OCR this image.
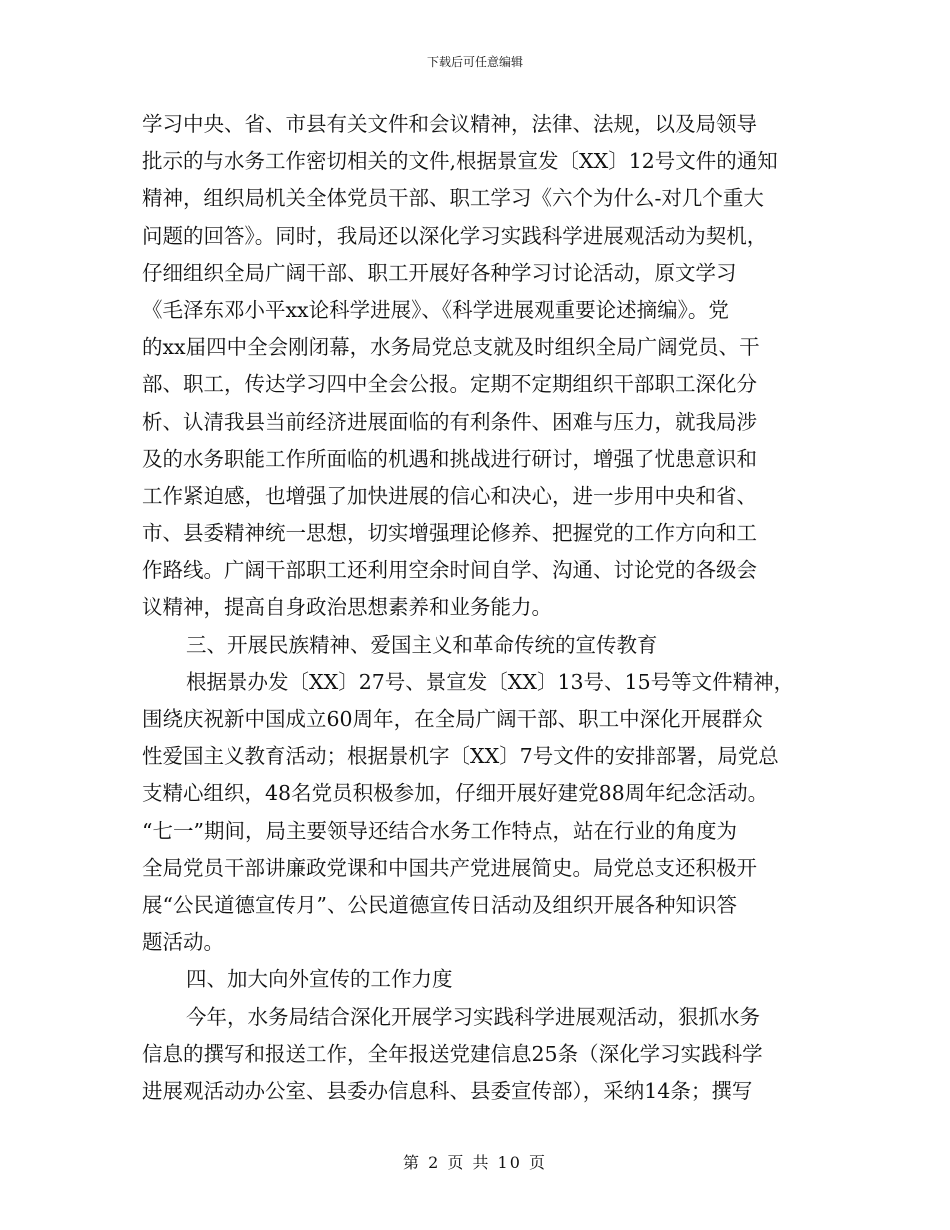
下载后可任意编辑
学习中央、省、市县有关文件和会议精神，法律、法规，以及局领导
批示的与水务工作密切相关的文件,根据景宣发〔XX〕12号文件的通知
精神，组织局机关全体党员干部、职工学习《六个为什么-对几个重大
问题的回答》。同时，我局还以深化学习实践科学进展观活动为契机，
仔细组织全局广阔干部、职工开展好各种学习讨论活动，原文学习
《毛泽东邓小平xx论科学进展》、《科学进展观重要论述摘编》。党
的xx届四中全会刚闭幕，水务局党总支就及时组织全局广阔党员、干
部、职工，传达学习四中全会公报。定期不定期组织干部职工深化分
析、认清我县当前经济进展面临的有利条件、困难与压力，就我局涉
及的水务职能工作所面临的机遇和挑战进行研讨，增强了忧患意识和
工作紧迫感，也增强了加快进展的信心和决心，进一步用中央和省、
市、县委精神统一思想，切实增强理论修养、把握党的工作方向和工
作路线。广阔干部职工还利用空余时间自学、沟通、讨论党的各级会
议精神，提高自身政治思想素养和业务能力。
三、开展民族精神、爱国主义和革命传统的宣传教育
根据景办发〔XX〕27号、景宣发〔XX〕13号、15号等文件精神，
围绕庆祝新中国成立60周年，在全局广阔干部、职工中深化开展群众
性爱国主义教育活动；根据景机字〔XX〕7号文件的安排部署，局党总
支精心组织，48名党员积极参加，仔细开展好建党88周年纪念活动。
“七一”期间，局主要领导还结合水务工作特点，站在行业的角度为
全局党员干部讲廉政党课和中国共产党进展简史。局党总支还积极开
展“公民道德宣传月”、公民道德宣传日活动及组织开展各种知识答
题活动。
四、加大向外宣传的工作力度
今年，水务局结合深化开展学习实践科学进展观活动，狠抓水务
信息的撰写和报送工作，全年报送党建信息25条（深化学习实践科学
进展观活动办公室、县委办信息科、县委宣传部），采纳14条；撰写
第 2 页 共 10 页
